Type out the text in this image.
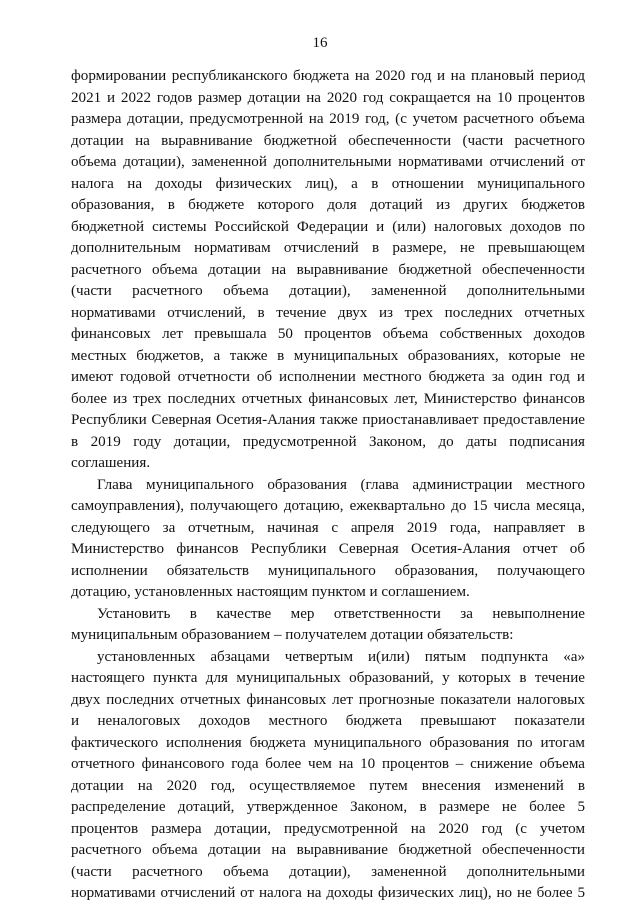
16
формировании республиканского бюджета на 2020 год и на плановый период
2021 и 2022 годов размер дотации на 2020 год сокращается на 10 процентов
размера дотации, предусмотренной на 2019 год, (с учетом расчетного объема
дотации на выравнивание бюджетной обеспеченности (части расчетного
объема дотации), замененной дополнительными нормативами отчислений от
налога на доходы физических лиц), а в отношении муниципального
образования, в бюджете которого доля дотаций из других бюджетов
бюджетной системы Российской Федерации и (или) налоговых доходов по
дополнительным нормативам отчислений в размере, не превышающем
расчетного объема дотации на выравнивание бюджетной обеспеченности
(части расчетного объема дотации), замененной дополнительными
нормативами отчислений, в течение двух из трех последних отчетных
финансовых лет превышала 50 процентов объема собственных доходов
местных бюджетов, а также в муниципальных образованиях, которые не
имеют годовой отчетности об исполнении местного бюджета за один год и
более из трех последних отчетных финансовых лет, Министерство финансов
Республики Северная Осетия-Алания также приостанавливает предоставление
в 2019 году дотации, предусмотренной Законом, до даты подписания
соглашения.
Глава муниципального образования (глава администрации местного
самоуправления), получающего дотацию, ежеквартально до 15 числа месяца,
следующего за отчетным, начиная с апреля 2019 года, направляет в
Министерство финансов Республики Северная Осетия-Алания отчет об
исполнении обязательств муниципального образования, получающего
дотацию, установленных настоящим пунктом и соглашением.
Установить в качестве мер ответственности за невыполнение
муниципальным образованием – получателем дотации обязательств:
установленных абзацами четвертым и(или) пятым подпункта «а»
настоящего пункта для муниципальных образований, у которых в течение
двух последних отчетных финансовых лет прогнозные показатели налоговых
и неналоговых доходов местного бюджета превышают показатели
фактического исполнения бюджета муниципального образования по итогам
отчетного финансового года более чем на 10 процентов – снижение объема
дотации на 2020 год, осуществляемое путем внесения изменений в
распределение дотаций, утвержденное Законом, в размере не более 5
процентов размера дотации, предусмотренной на 2020 год (с учетом
расчетного объема дотации на выравнивание бюджетной обеспеченности
(части расчетного объема дотации), замененной дополнительными
нормативами отчислений от налога на доходы физических лиц), но не более 5
